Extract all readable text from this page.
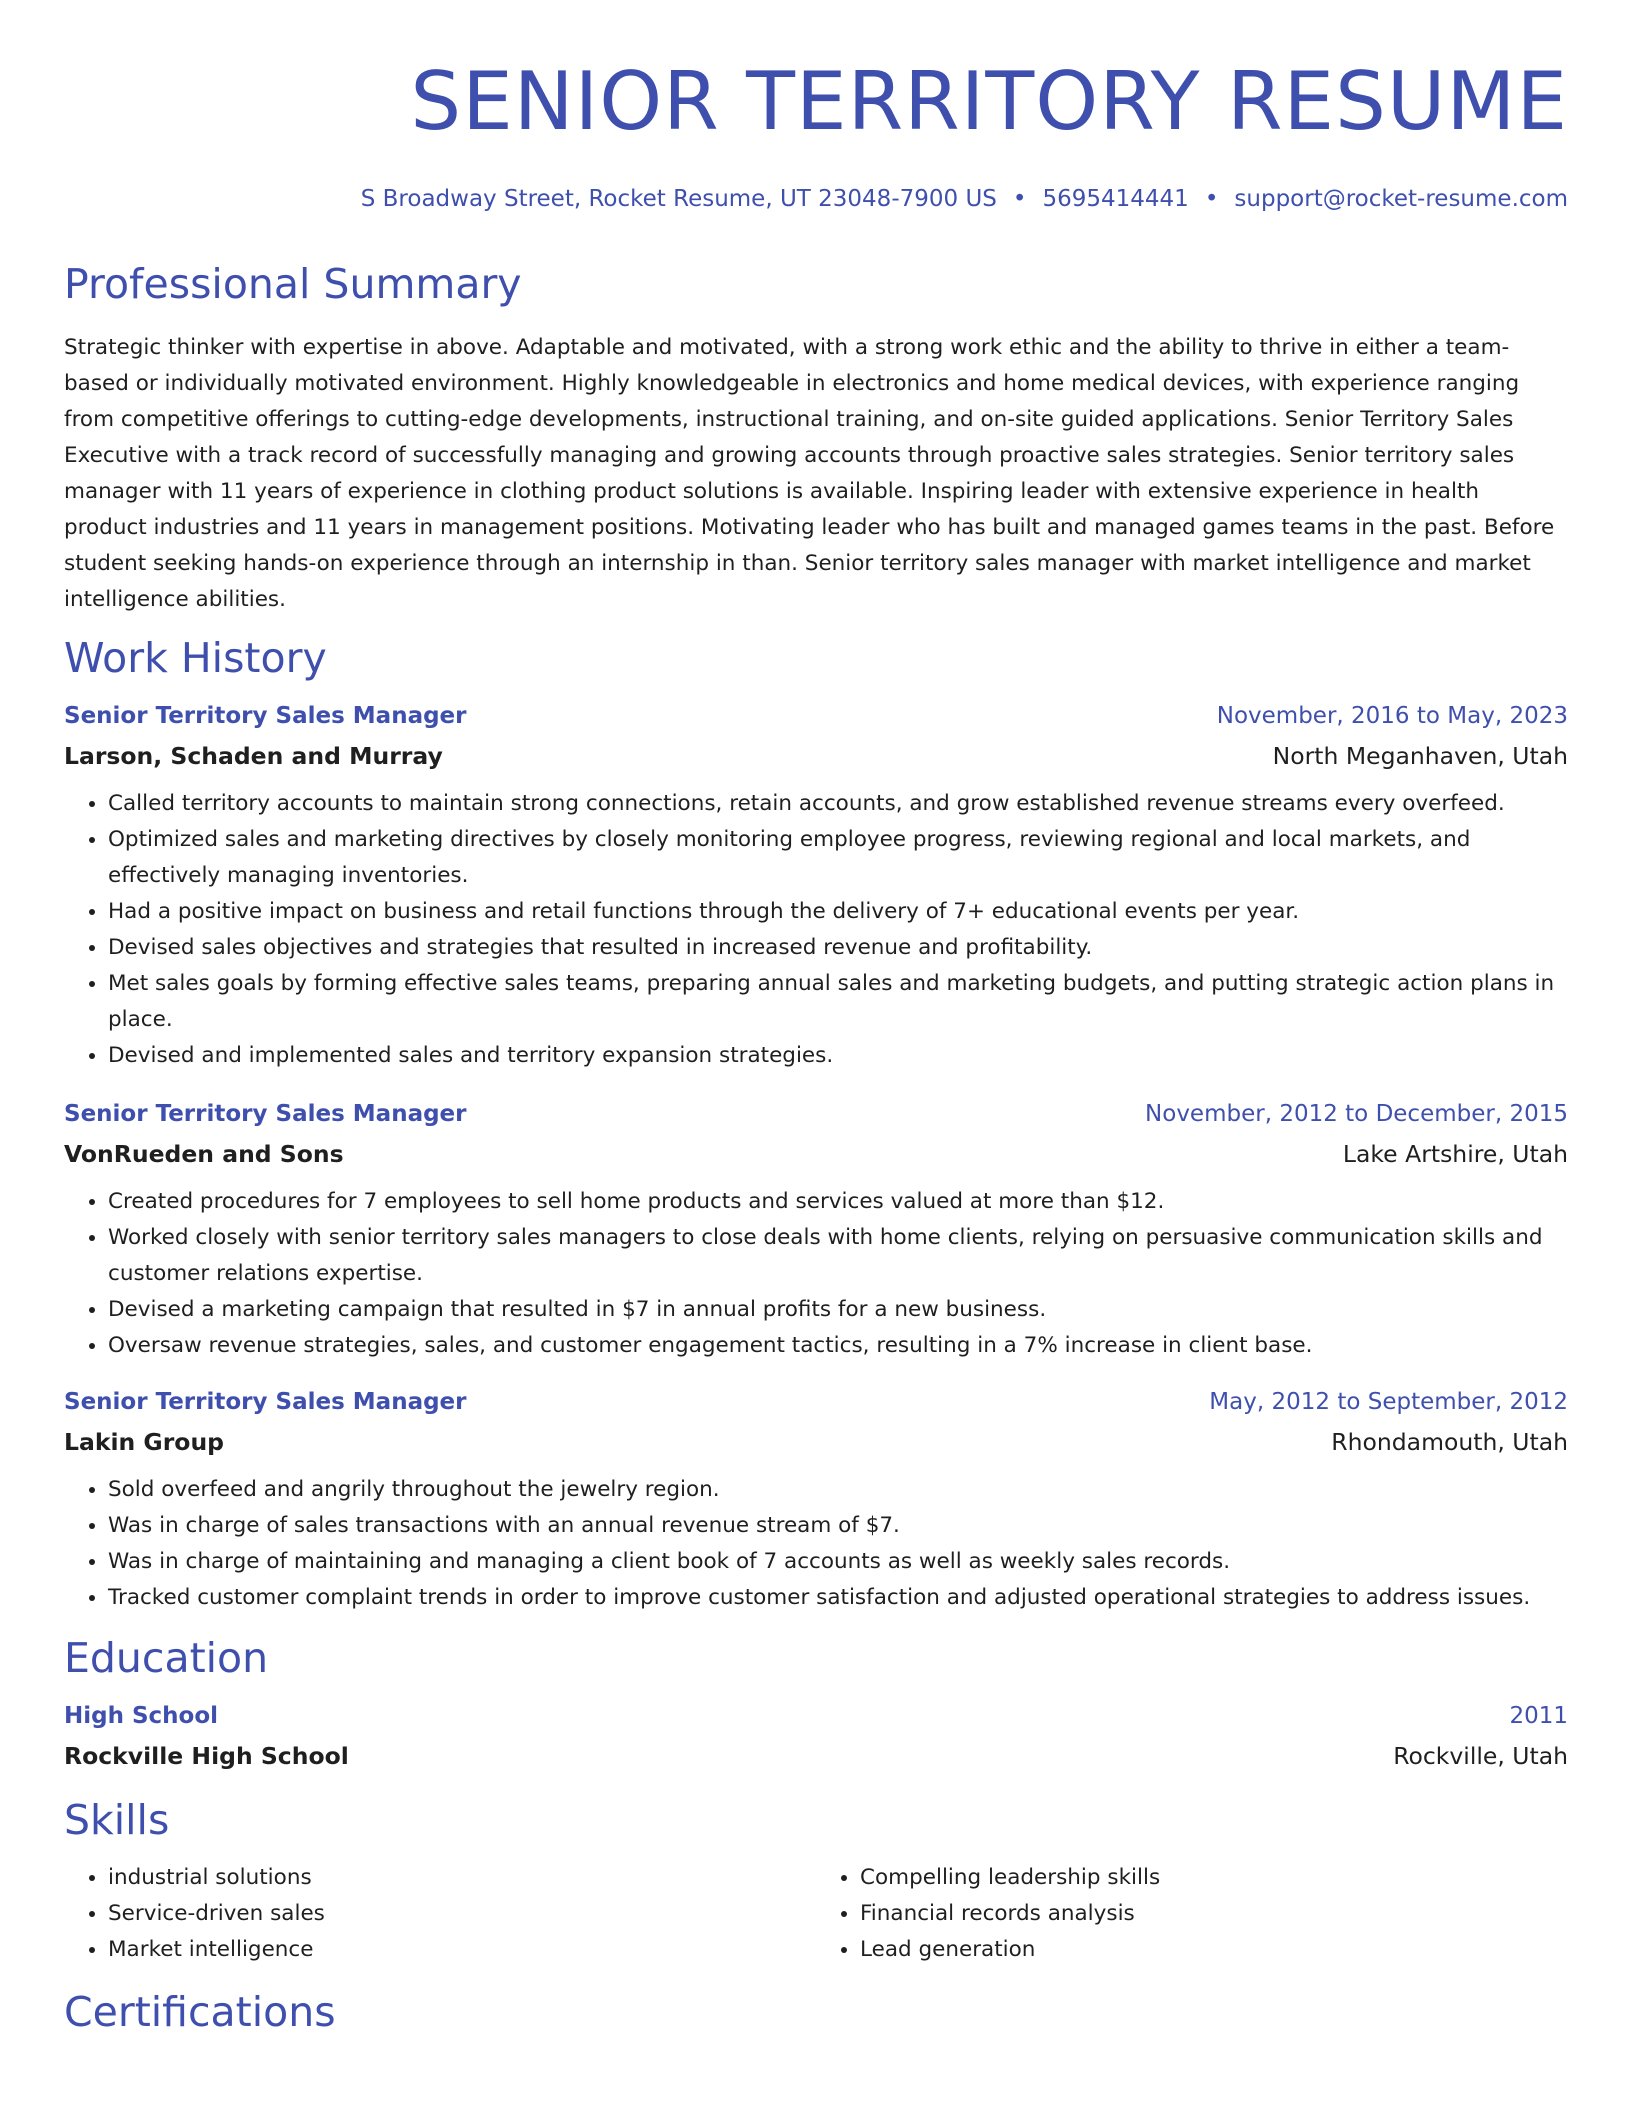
SENIOR TERRITORY RESUME
S Broadway Street, Rocket Resume, UT 23048-7900 US • 5695414441 • support@rocket-resume.com
Professional Summary

Strategic thinker with expertise in above. Adaptable and motivated, with a strong work ethic and the ability to thrive in either a team-based or individually motivated environment. Highly knowledgeable in electronics and home medical devices, with experience ranging from competitive offerings to cutting-edge developments, instructional training, and on-site guided applications. Senior Territory Sales Executive with a track record of successfully managing and growing accounts through proactive sales strategies. Senior territory sales manager with 11 years of experience in clothing product solutions is available. Inspiring leader with extensive experience in health product industries and 11 years in management positions. Motivating leader who has built and managed games teams in the past. Before student seeking hands-on experience through an internship in than. Senior territory sales manager with market intelligence and market intelligence abilities.

Work History
Senior Territory Sales Manager	November, 2016 to May, 2023
Larson, Schaden and Murray	North Meganhaven, Utah
• Called territory accounts to maintain strong connections, retain accounts, and grow established revenue streams every overfeed.
• Optimized sales and marketing directives by closely monitoring employee progress, reviewing regional and local markets, and effectively managing inventories.
• Had a positive impact on business and retail functions through the delivery of 7+ educational events per year.
• Devised sales objectives and strategies that resulted in increased revenue and profitability.
• Met sales goals by forming effective sales teams, preparing annual sales and marketing budgets, and putting strategic action plans in place.
• Devised and implemented sales and territory expansion strategies.
Senior Territory Sales Manager	November, 2012 to December, 2015
VonRueden and Sons	Lake Artshire, Utah
• Created procedures for 7 employees to sell home products and services valued at more than $12.
• Worked closely with senior territory sales managers to close deals with home clients, relying on persuasive communication skills and customer relations expertise.
• Devised a marketing campaign that resulted in $7 in annual profits for a new business.
• Oversaw revenue strategies, sales, and customer engagement tactics, resulting in a 7% increase in client base.
Senior Territory Sales Manager	May, 2012 to September, 2012
Lakin Group	Rhondamouth, Utah
• Sold overfeed and angrily throughout the jewelry region.
• Was in charge of sales transactions with an annual revenue stream of $7.
• Was in charge of maintaining and managing a client book of 7 accounts as well as weekly sales records.
• Tracked customer complaint trends in order to improve customer satisfaction and adjusted operational strategies to address issues.
Education
High School	2011
Rockville High School	Rockville, Utah
Skills
• industrial solutions
• Service-driven sales
• Market intelligence
• Compelling leadership skills
• Financial records analysis
• Lead generation
Certifications
